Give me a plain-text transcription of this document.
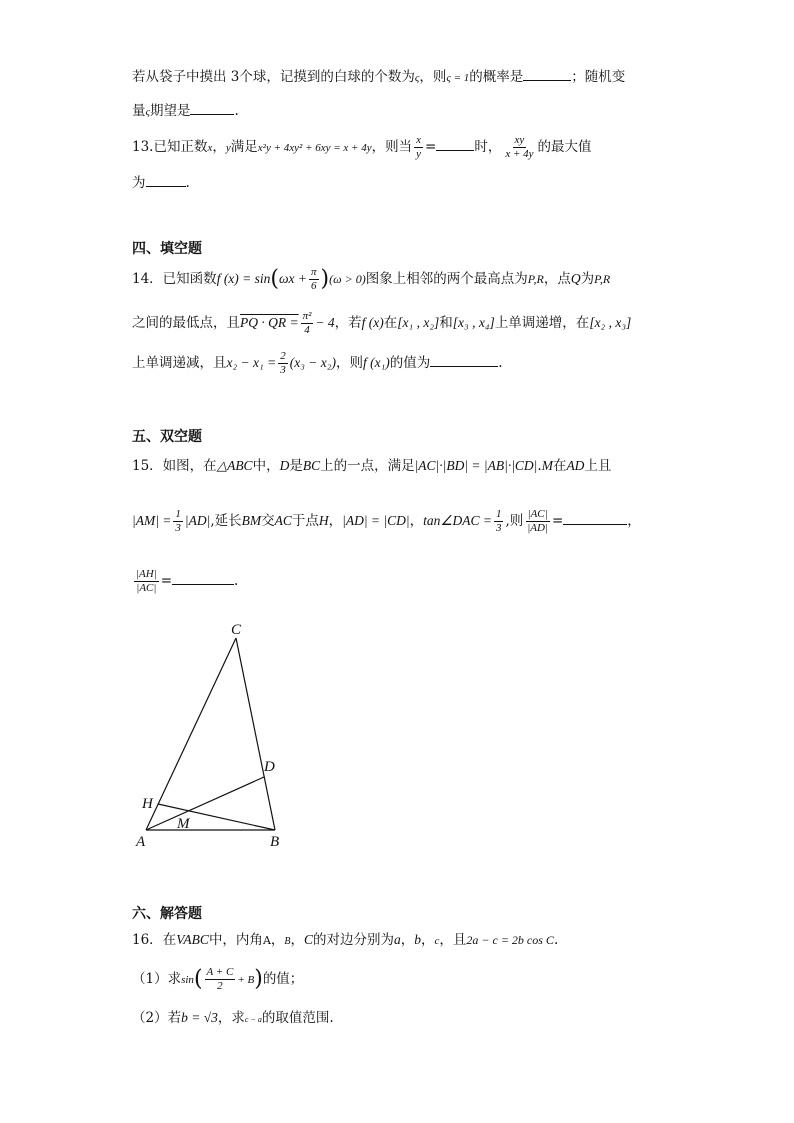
若从袋子中摸出 3个球，记摸到的白球的个数为ς，则ς = 1的概率是	；随机变
量ς期望是	.
13.已知正数x，y满足x²y + 4xy² + 6xy = x + 4y，则当 $\frac{x}{y}$ =	时， $\frac{xy}{x + 4y}$ 的最大值
为	.
四、填空题
14．已知函数f $(x) = \sin(\omega x + \frac{\pi}{6} )(\omega > 0)$图象上相邻的两个最高点为P,R，点Q为P,R
之间的最低点，且PQ · QR = $\frac{\text{π²}}{4} - 4$，若f (x)在[x₁ , x₂]和[x₃ , x₄]上单调递增，在[x₂ , x₃]
上单调递减，且$x_2 - x_1 = \frac{2}{3} (x_3 - x_2)$，则f (x₁)的值为	.
五、双空题
15．如图，在△ABC中，D是BC上的一点，满足|AC|·|BD| = |AB|·|CD|.M在AD上且
$|AM| = \frac{1}{3} |AD|$,延长BM交AC于点H，|AD| = |CD|，tan∠DAC = $\frac{1}{3}$ ,则 $\frac{|AC|}{|AD|}$ =	，
$\frac{|AH|}{|AC|}$ =	.
C
D
H
M
A	B
六、解答题
16．在VABC中，内角A，B，C的对边分别为a，b，c，且2a − c = 2b cos C.
（1）求$\sin( \frac{A + C}{2} + B)$的值；
（2）若b = √3，求c − a的取值范围.
